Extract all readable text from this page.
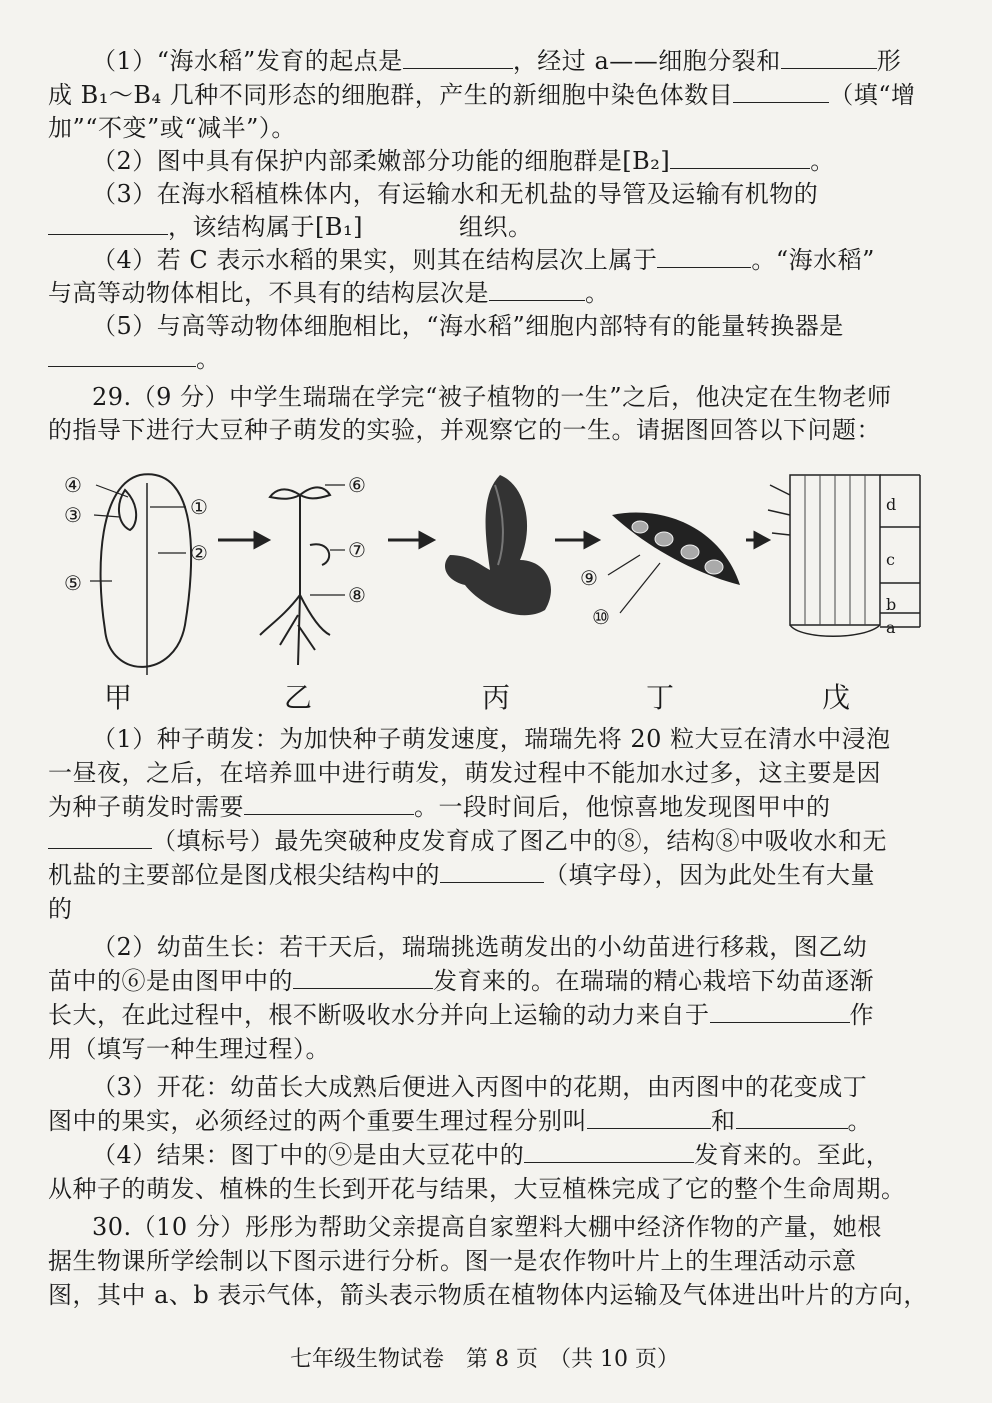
（1）“海水稻”发育的起点是	，经过 a——细胞分裂和	形
成 B₁～B₄ 几种不同形态的细胞群，产生的新细胞中染色体数目	（填“增
加”“不变”或“减半”）。
（2）图中具有保护内部柔嫩部分功能的细胞群是[B₂]	。
（3）在海水稻植株体内，有运输水和无机盐的导管及运输有机物的
，该结构属于[B₁]	组织。
（4）若 C 表示水稻的果实，则其在结构层次上属于	。“海水稻”
与高等动物体相比，不具有的结构层次是	。
（5）与高等动物体细胞相比，“海水稻”细胞内部特有的能量转换器是
。
29.（9 分）中学生瑞瑞在学完“被子植物的一生”之后，他决定在生物老师
的指导下进行大豆种子萌发的实验，并观察它的一生。请据图回答以下问题：
④
③	①
②
⑤
⑥
⑦
⑧
⑨
⑩
d
c
b
a
甲	乙	丙	丁	戊
（1）种子萌发：为加快种子萌发速度，瑞瑞先将 20 粒大豆在清水中浸泡
一昼夜，之后，在培养皿中进行萌发，萌发过程中不能加水过多，这主要是因
为种子萌发时需要	。一段时间后，他惊喜地发现图甲中的
（填标号）最先突破种皮发育成了图乙中的⑧，结构⑧中吸收水和无
机盐的主要部位是图戊根尖结构中的	（填字母），因为此处生有大量
的
（2）幼苗生长：若干天后，瑞瑞挑选萌发出的小幼苗进行移栽，图乙幼
苗中的⑥是由图甲中的	发育来的。在瑞瑞的精心栽培下幼苗逐渐
长大，在此过程中，根不断吸收水分并向上运输的动力来自于	作
用（填写一种生理过程）。
（3）开花：幼苗长大成熟后便进入丙图中的花期，由丙图中的花变成丁
图中的果实，必须经过的两个重要生理过程分别叫	和	。
（4）结果：图丁中的⑨是由大豆花中的	发育来的。至此，
从种子的萌发、植株的生长到开花与结果，大豆植株完成了它的整个生命周期。
30.（10 分）彤彤为帮助父亲提高自家塑料大棚中经济作物的产量，她根
据生物课所学绘制以下图示进行分析。图一是农作物叶片上的生理活动示意
图，其中 a、b 表示气体，箭头表示物质在植物体内运输及气体进出叶片的方向，
七年级生物试卷　第 8 页　（共 10 页）
